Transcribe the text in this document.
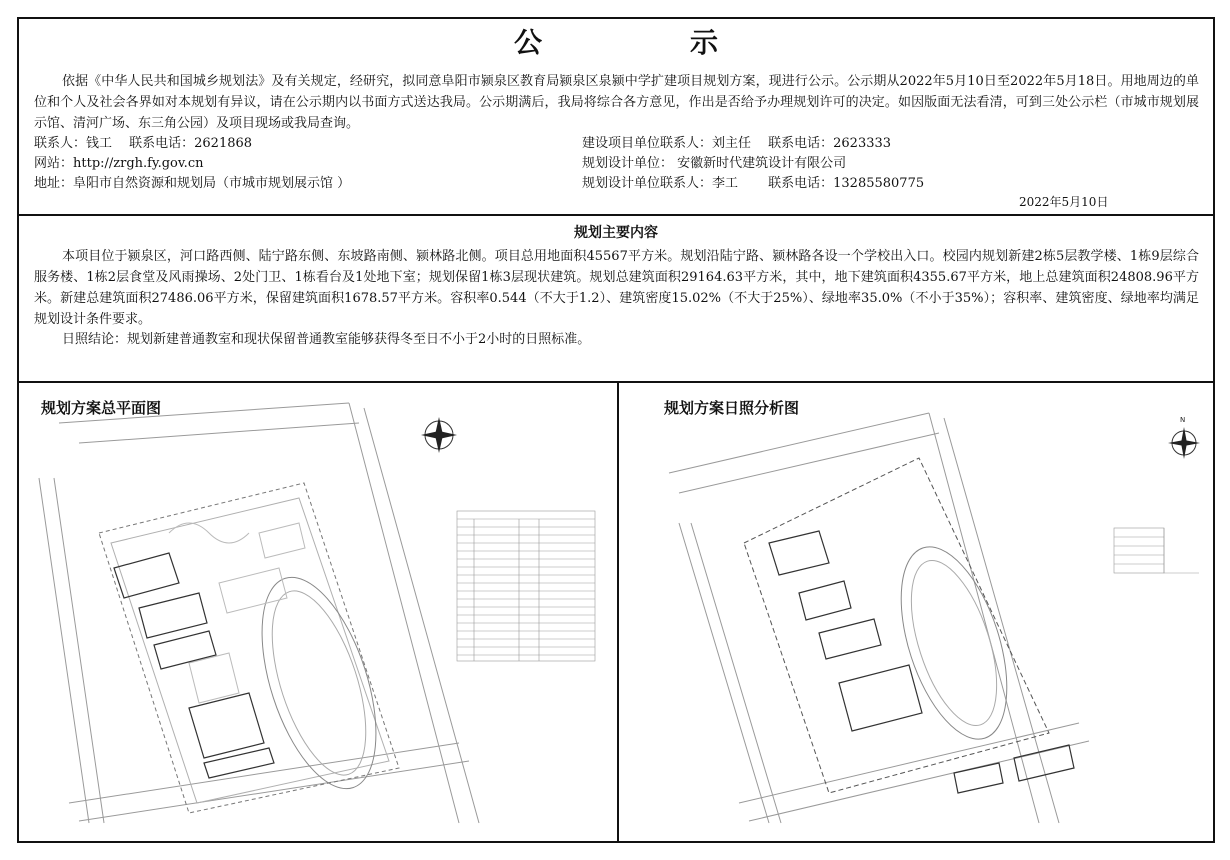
公　示

依据《中华人民共和国城乡规划法》及有关规定，经研究，拟同意阜阳市颍泉区教育局颍泉区泉颍中学扩建项目规划方案，现进行公示。公示期从2022年5月10日至2022年5月18日。用地周边的单位和个人及社会各界如对本规划有异议，请在公示期内以书面方式送达我局。公示期满后，我局将综合各方意见，作出是否给予办理规划许可的决定。如因版面无法看清，可到三处公示栏（市城市规划展示馆、清河广场、东三角公园）及项目现场或我局查询。

联系人：钱工　 联系电话：2621868
网站：http://zrgh.fy.gov.cn
地址：阜阳市自然资源和规划局（市城市规划展示馆 ）
建设项目单位联系人：刘主任　 联系电话：2623333
规划设计单位： 安徽新时代建筑设计有限公司
规划设计单位联系人：李工　　 联系电话：13285580775
2022年5月10日
规划主要内容

本项目位于颍泉区，河口路西侧、陆宁路东侧、东坡路南侧、颍林路北侧。项目总用地面积45567平方米。规划沿陆宁路、颍林路各设一个学校出入口。校园内规划新建2栋5层教学楼、1栋9层综合服务楼、1栋2层食堂及风雨操场、2处门卫、1栋看台及1处地下室；规划保留1栋3层现状建筑。规划总建筑面积29164.63平方米，其中，地下建筑面积4355.67平方米，地上总建筑面积24808.96平方米。新建总建筑面积27486.06平方米，保留建筑面积1678.57平方米。容积率0.544（不大于1.2）、建筑密度15.02%（不大于25%）、绿地率35.0%（不小于35%）；容积率、建筑密度、绿地率均满足规划设计条件要求。

日照结论：规划新建普通教室和现状保留普通教室能够获得冬至日不小于2小时的日照标准。

规划方案总平面图	规划方案日照分析图
N
